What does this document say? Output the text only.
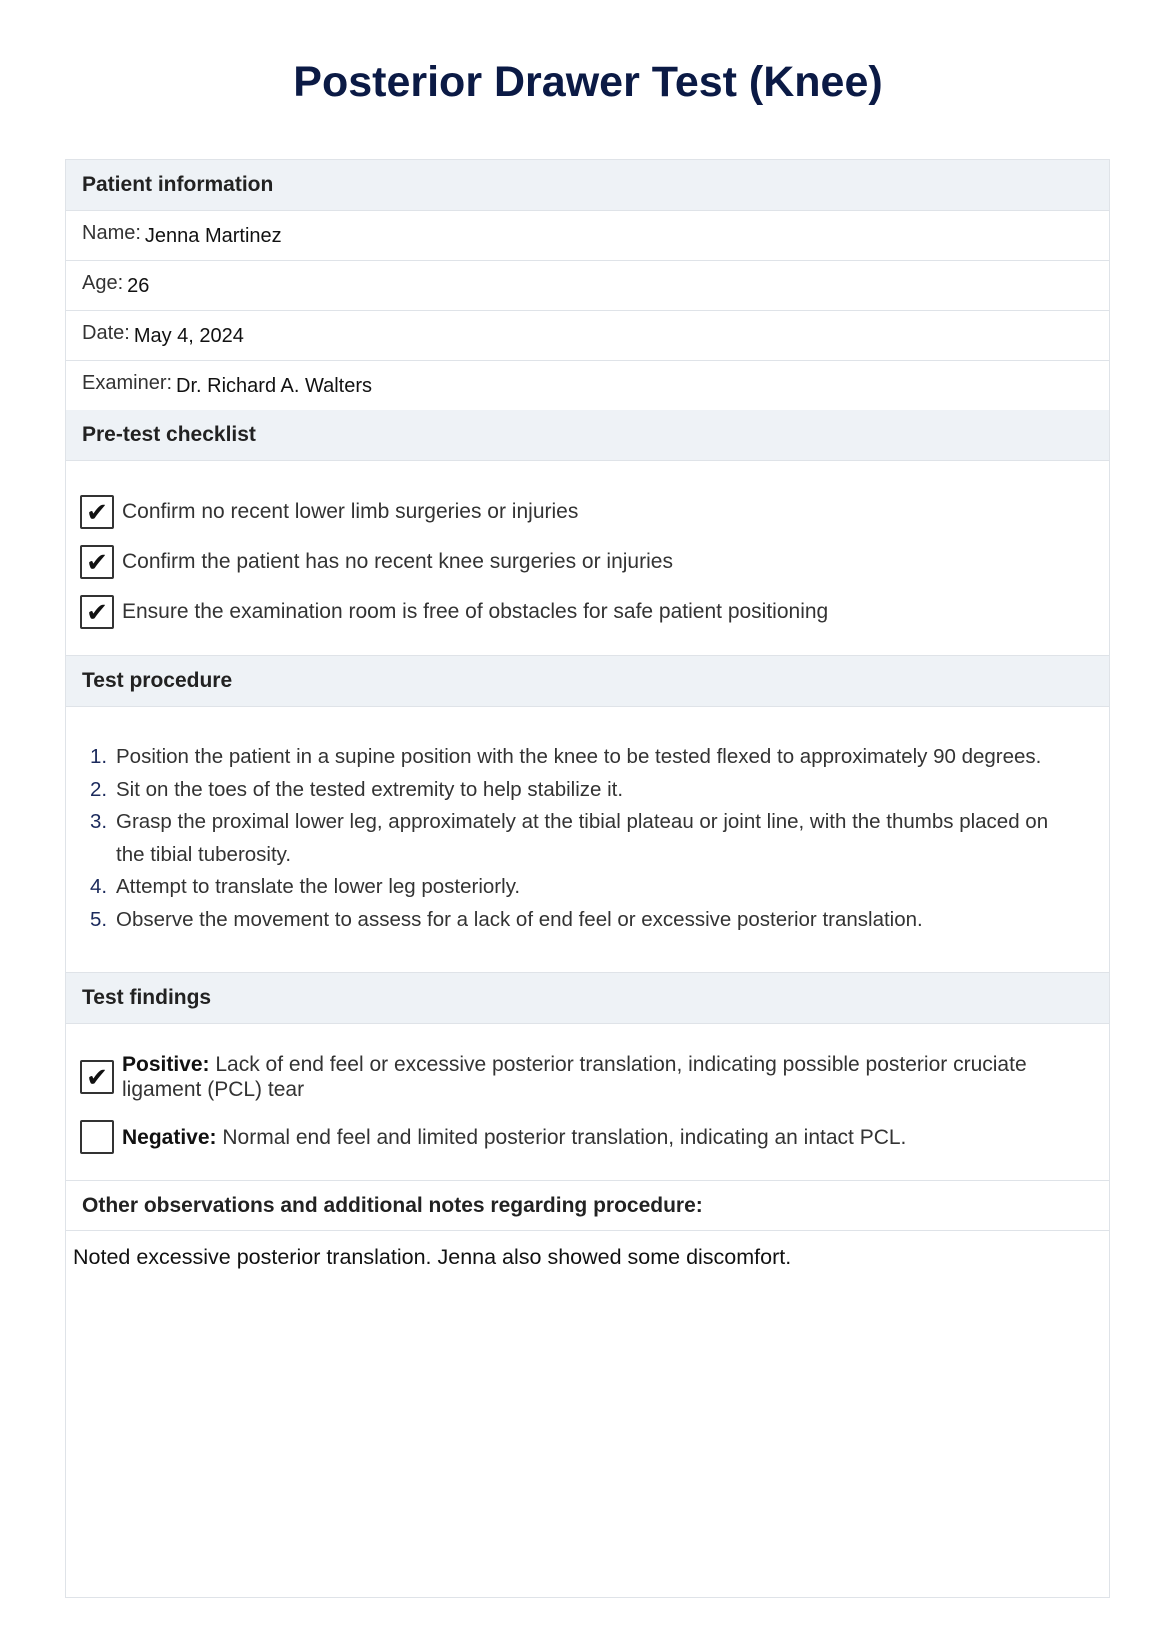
Posterior Drawer Test (Knee)
Patient information
Name: Jenna Martinez
Age: 26
Date: May 4, 2024
Examiner: Dr. Richard A. Walters
Pre-test checklist
✔ Confirm no recent lower limb surgeries or injuries
✔ Confirm the patient has no recent knee surgeries or injuries
✔ Ensure the examination room is free of obstacles for safe patient positioning
Test procedure
1. Position the patient in a supine position with the knee to be tested flexed to approximately 90 degrees.
2. Sit on the toes of the tested extremity to help stabilize it.
3. Grasp the proximal lower leg, approximately at the tibial plateau or joint line, with the thumbs placed on the tibial tuberosity.
4. Attempt to translate the lower leg posteriorly.
5. Observe the movement to assess for a lack of end feel or excessive posterior translation.
Test findings
✔ Positive: Lack of end feel or excessive posterior translation, indicating possible posterior cruciate ligament (PCL) tear
Negative: Normal end feel and limited posterior translation, indicating an intact PCL.
Other observations and additional notes regarding procedure:
Noted excessive posterior translation. Jenna also showed some discomfort.
